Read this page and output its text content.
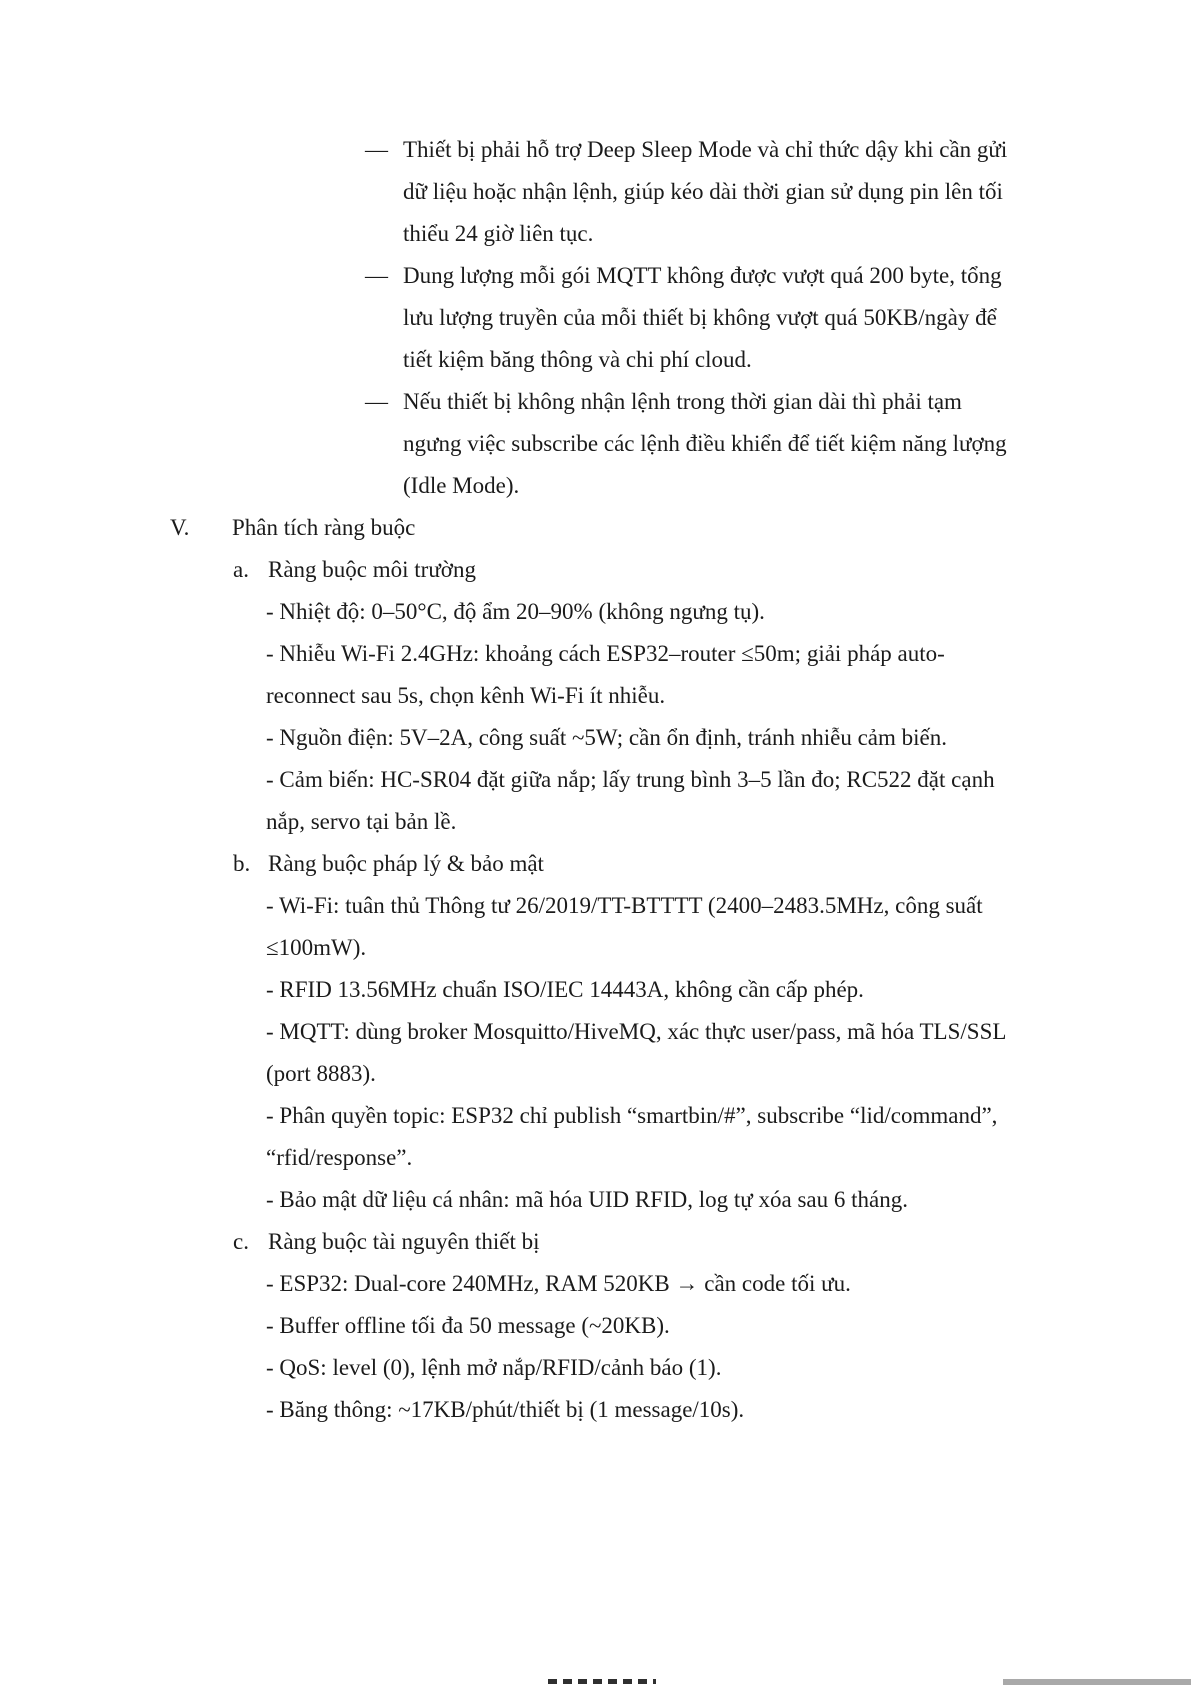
— Thiết bị phải hỗ trợ Deep Sleep Mode và chỉ thức dậy khi cần gửi dữ liệu hoặc nhận lệnh, giúp kéo dài thời gian sử dụng pin lên tối thiểu 24 giờ liên tục.
— Dung lượng mỗi gói MQTT không được vượt quá 200 byte, tổng lưu lượng truyền của mỗi thiết bị không vượt quá 50KB/ngày để tiết kiệm băng thông và chi phí cloud.
— Nếu thiết bị không nhận lệnh trong thời gian dài thì phải tạm ngưng việc subscribe các lệnh điều khiển để tiết kiệm năng lượng (Idle Mode).
V. Phân tích ràng buộc
a. Ràng buộc môi trường
- Nhiệt độ: 0–50°C, độ ẩm 20–90% (không ngưng tụ).
- Nhiễu Wi-Fi 2.4GHz: khoảng cách ESP32–router ≤50m; giải pháp auto-reconnect sau 5s, chọn kênh Wi-Fi ít nhiễu.
- Nguồn điện: 5V–2A, công suất ~5W; cần ổn định, tránh nhiễu cảm biến.
- Cảm biến: HC-SR04 đặt giữa nắp; lấy trung bình 3–5 lần đo; RC522 đặt cạnh nắp, servo tại bản lề.
b. Ràng buộc pháp lý & bảo mật
- Wi-Fi: tuân thủ Thông tư 26/2019/TT-BTTTT (2400–2483.5MHz, công suất ≤100mW).
- RFID 13.56MHz chuẩn ISO/IEC 14443A, không cần cấp phép.
- MQTT: dùng broker Mosquitto/HiveMQ, xác thực user/pass, mã hóa TLS/SSL (port 8883).
- Phân quyền topic: ESP32 chỉ publish “smartbin/#”, subscribe “lid/command”, “rfid/response”.
- Bảo mật dữ liệu cá nhân: mã hóa UID RFID, log tự xóa sau 6 tháng.
c. Ràng buộc tài nguyên thiết bị
- ESP32: Dual-core 240MHz, RAM 520KB → cần code tối ưu.
- Buffer offline tối đa 50 message (~20KB).
- QoS: level (0), lệnh mở nắp/RFID/cảnh báo (1).
- Băng thông: ~17KB/phút/thiết bị (1 message/10s).
